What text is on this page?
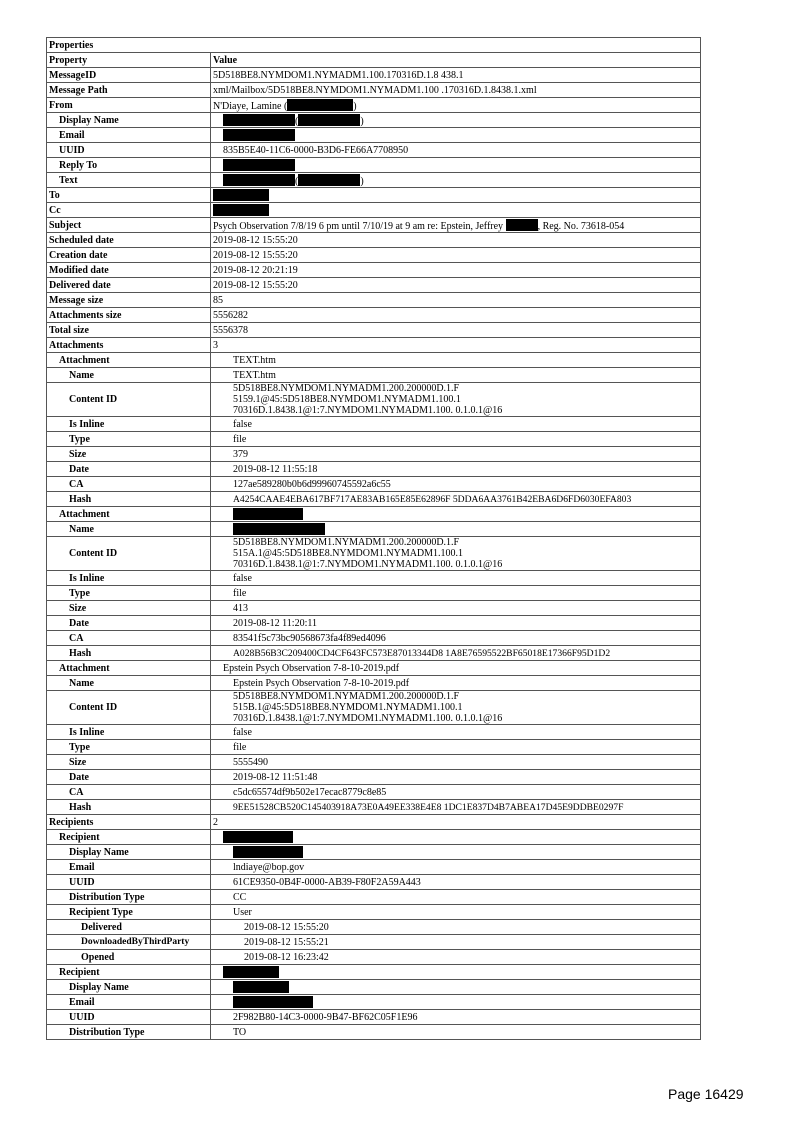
Properties	
Property	Value
MessageID	5D518BE8.NYMDOM1.NYMADM1.100.170316D.1.8 438.1
Message Path	xml/Mailbox/5D518BE8.NYMDOM1.NYMADM1.100 .170316D.1.8438.1.xml
From	N'Diaye, Lamine ( )
Display Name	( )
Email	
UUID	835B5E40-11C6-0000-B3D6-FE66A7708950
Reply To	
Text	( )
To	
Cc	
Subject	Psych Observation 7/8/19 6 pm until 7/10/19 at 9 am re: Epstein, Jeffrey , Reg. No. 73618-054
Scheduled date	2019-08-12 15:55:20
Creation date	2019-08-12 15:55:20
Modified date	2019-08-12 20:21:19
Delivered date	2019-08-12 15:55:20
Message size	85
Attachments size	5556282
Total size	5556378
Attachments	3
Attachment	TEXT.htm
Name	TEXT.htm
Content ID	5D518BE8.NYMDOM1.NYMADM1.200.200000D.1.F
5159.1@45:5D518BE8.NYMDOM1.NYMADM1.100.1
70316D.1.8438.1@1:7.NYMDOM1.NYMADM1.100. 0.1.0.1@16

Is Inline	false
Type	file
Size	379
Date	2019-08-12 11:55:18
CA	127ae589280b0b6d99960745592a6c55
Hash	A4254CAAE4EBA617BF717AE83AB165E85E62896F 5DDA6AA3761B42EBA6D6FD6030EFA803
Attachment	
Name	
Content ID	5D518BE8.NYMDOM1.NYMADM1.200.200000D.1.F
515A.1@45:5D518BE8.NYMDOM1.NYMADM1.100.1
70316D.1.8438.1@1:7.NYMDOM1.NYMADM1.100. 0.1.0.1@16

Is Inline	false
Type	file
Size	413
Date	2019-08-12 11:20:11
CA	83541f5c73bc90568673fa4f89ed4096
Hash	A028B56B3C209400CD4CF643FC573E87013344D8 1A8E76595522BF65018E17366F95D1D2
Attachment	Epstein Psych Observation 7-8-10-2019.pdf
Name	Epstein Psych Observation 7-8-10-2019.pdf
Content ID	5D518BE8.NYMDOM1.NYMADM1.200.200000D.1.F
515B.1@45:5D518BE8.NYMDOM1.NYMADM1.100.1
70316D.1.8438.1@1:7.NYMDOM1.NYMADM1.100. 0.1.0.1@16

Is Inline	false
Type	file
Size	5555490
Date	2019-08-12 11:51:48
CA	c5dc65574df9b502e17ecac8779c8e85
Hash	9EE51528CB520C145403918A73E0A49EE338E4E8 1DC1E837D4B7ABEA17D45E9DDBE0297F
Recipients	2
Recipient	
Display Name	
Email	lndiaye@bop.gov
UUID	61CE9350-0B4F-0000-AB39-F80F2A59A443
Distribution Type	CC
Recipient Type	User
Delivered	2019-08-12 15:55:20
DownloadedByThirdParty	2019-08-12 15:55:21
Opened	2019-08-12 16:23:42
Recipient	
Display Name	
Email	
UUID	2F982B80-14C3-0000-9B47-BF62C05F1E96
Distribution Type	TO
Page 16429
